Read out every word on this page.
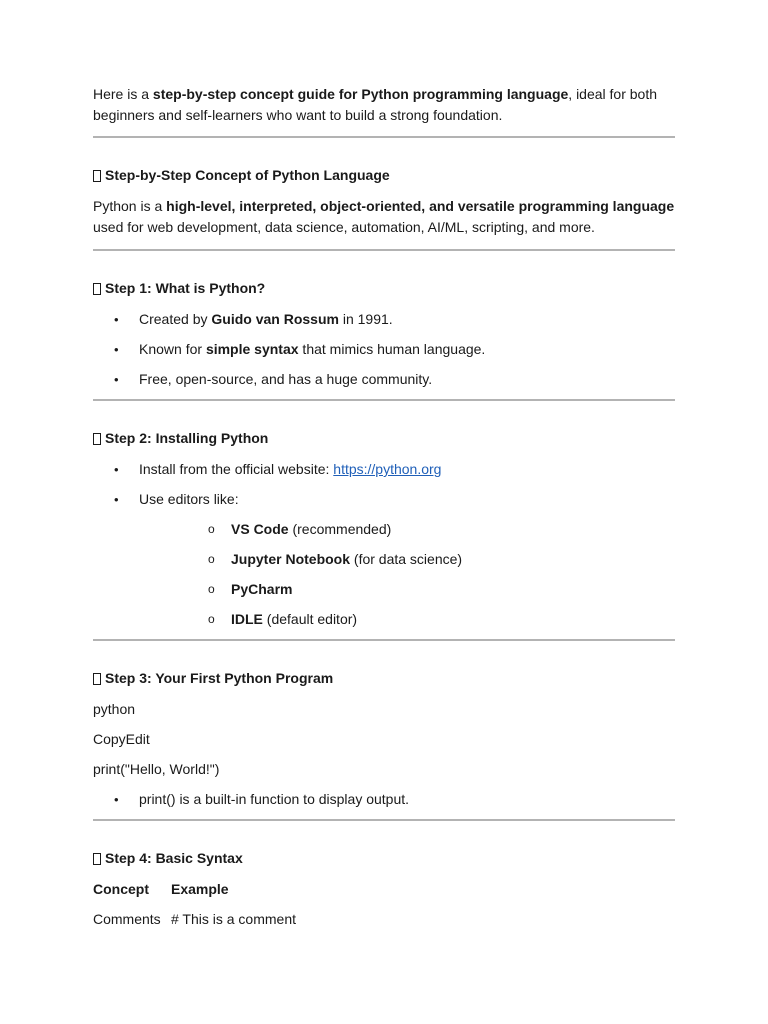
Here is a step-by-step concept guide for Python programming language, ideal for both beginners and self-learners who want to build a strong foundation.

Step-by-Step Concept of Python Language

Python is a high-level, interpreted, object-oriented, and versatile programming language used for web development, data science, automation, AI/ML, scripting, and more.

Step 1: What is Python?
• Created by Guido van Rossum in 1991.
• Known for simple syntax that mimics human language.
• Free, open-source, and has a huge community.
Step 2: Installing Python
• Install from the official website: https://python.org
• Use editors like:
o VS Code (recommended)
o Jupyter Notebook (for data science)
o PyCharm
o IDLE (default editor)
Step 3: Your First Python Program

python

CopyEdit

print("Hello, World!")

• print() is a built-in function to display output.
Step 4: Basic Syntax
Concept	Example
Comments # This is a comment
